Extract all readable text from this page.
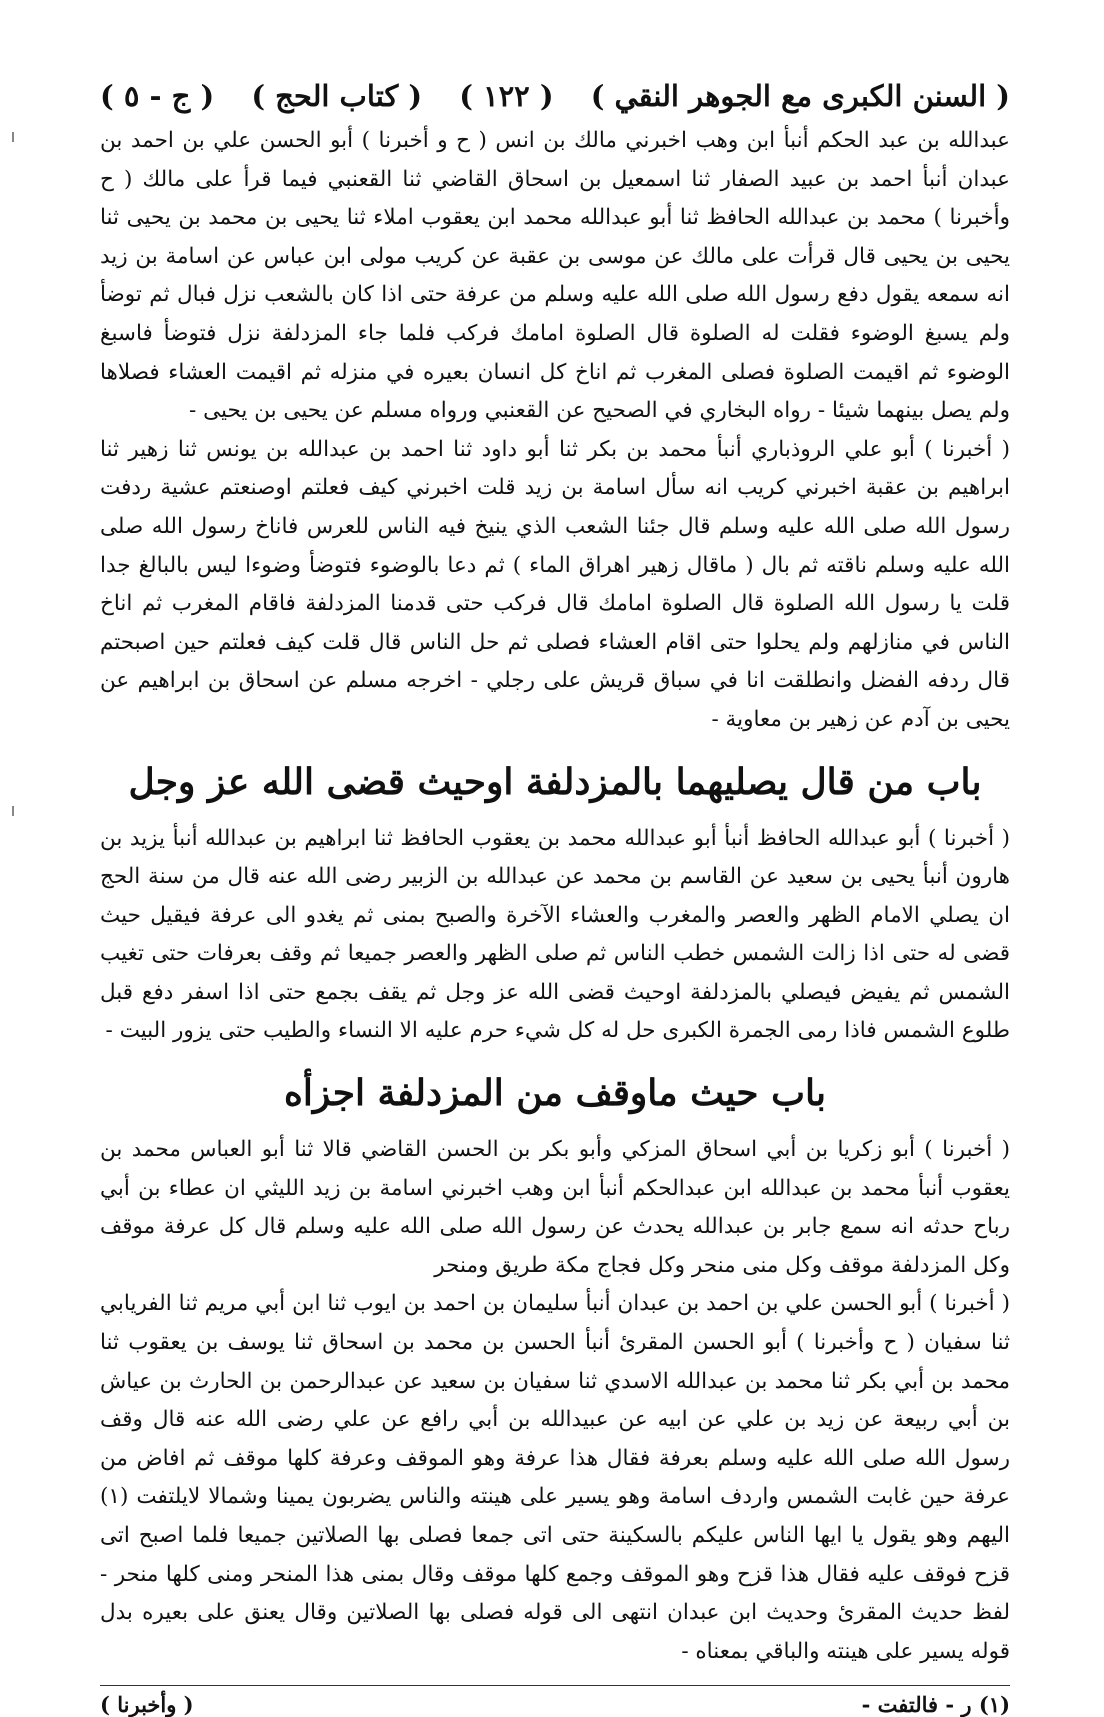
( السنن الكبرى مع الجوهر النقي )
( ١٢٢ )
( كتاب الحج )
( ج - ٥ )

عبدالله بن عبد الحكم أنبأ ابن وهب اخبرني مالك بن انس ( ح و أخبرنا ) أبو الحسن علي بن احمد بن عبدان أنبأ احمد بن عبيد الصفار ثنا اسمعيل بن اسحاق القاضي ثنا القعنبي فيما قرأ على مالك ( ح وأخبرنا ) محمد بن عبدالله الحافظ ثنا أبو عبدالله محمد ابن يعقوب املاء ثنا يحيى بن محمد بن يحيى ثنا يحيى بن يحيى قال قرأت على مالك عن موسى بن عقبة عن كريب مولى ابن عباس عن اسامة بن زيد انه سمعه يقول دفع رسول الله صلى الله عليه وسلم من عرفة حتى اذا كان بالشعب نزل فبال ثم توضأ ولم يسبغ الوضوء فقلت له الصلوة قال الصلوة امامك فركب فلما جاء المزدلفة نزل فتوضأ فاسبغ الوضوء ثم اقيمت الصلوة فصلى المغرب ثم اناخ كل انسان بعيره في منزله ثم اقيمت العشاء فصلاها ولم يصل بينهما شيئا - رواه البخاري في الصحيح عن القعنبي ورواه مسلم عن يحيى بن يحيى -

( أخبرنا ) أبو علي الروذباري أنبأ محمد بن بكر ثنا أبو داود ثنا احمد بن عبدالله بن يونس ثنا زهير ثنا ابراهيم بن عقبة اخبرني كريب انه سأل اسامة بن زيد قلت اخبرني كيف فعلتم اوصنعتم عشية ردفت رسول الله صلى الله عليه وسلم قال جئنا الشعب الذي ينيخ فيه الناس للعرس فاناخ رسول الله صلى الله عليه وسلم ناقته ثم بال ( ماقال زهير اهراق الماء ) ثم دعا بالوضوء فتوضأ وضوءا ليس بالبالغ جدا قلت يا رسول الله الصلوة قال الصلوة امامك قال فركب حتى قدمنا المزدلفة فاقام المغرب ثم اناخ الناس في منازلهم ولم يحلوا حتى اقام العشاء فصلى ثم حل الناس قال قلت كيف فعلتم حين اصبحتم قال ردفه الفضل وانطلقت انا في سباق قريش على رجلي - اخرجه مسلم عن اسحاق بن ابراهيم عن يحيى بن آدم عن زهير بن معاوية -

باب من قال يصليهما بالمزدلفة اوحيث قضى الله عز وجل

( أخبرنا ) أبو عبدالله الحافظ أنبأ أبو عبدالله محمد بن يعقوب الحافظ ثنا ابراهيم بن عبدالله أنبأ يزيد بن هارون أنبأ يحيى بن سعيد عن القاسم بن محمد عن عبدالله بن الزبير رضى الله عنه قال من سنة الحج ان يصلي الامام الظهر والعصر والمغرب والعشاء الآخرة والصبح بمنى ثم يغدو الى عرفة فيقيل حيث قضى له حتى اذا زالت الشمس خطب الناس ثم صلى الظهر والعصر جميعا ثم وقف بعرفات حتى تغيب الشمس ثم يفيض فيصلي بالمزدلفة اوحيث قضى الله عز وجل ثم يقف بجمع حتى اذا اسفر دفع قبل طلوع الشمس فاذا رمى الجمرة الكبرى حل له كل شيء حرم عليه الا النساء والطيب حتى يزور البيت -

باب حيث ماوقف من المزدلفة اجزأه

( أخبرنا ) أبو زكريا بن أبي اسحاق المزكي وأبو بكر بن الحسن القاضي قالا ثنا أبو العباس محمد بن يعقوب أنبأ محمد بن عبدالله ابن عبدالحكم أنبأ ابن وهب اخبرني اسامة بن زيد الليثي ان عطاء بن أبي رباح حدثه انه سمع جابر بن عبدالله يحدث عن رسول الله صلى الله عليه وسلم قال كل عرفة موقف وكل المزدلفة موقف وكل منى منحر وكل فجاج مكة طريق ومنحر

( أخبرنا ) أبو الحسن علي بن احمد بن عبدان أنبأ سليمان بن احمد بن ايوب ثنا ابن أبي مريم ثنا الفريابي ثنا سفيان ( ح وأخبرنا ) أبو الحسن المقرئ أنبأ الحسن بن محمد بن اسحاق ثنا يوسف بن يعقوب ثنا محمد بن أبي بكر ثنا محمد بن عبدالله الاسدي ثنا سفيان بن سعيد عن عبدالرحمن بن الحارث بن عياش بن أبي ربيعة عن زيد بن علي عن ابيه عن عبيدالله بن أبي رافع عن علي رضى الله عنه قال وقف رسول الله صلى الله عليه وسلم بعرفة فقال هذا عرفة وهو الموقف وعرفة كلها موقف ثم افاض من عرفة حين غابت الشمس واردف اسامة وهو يسير على هينته والناس يضربون يمينا وشمالا لايلتفت (١) اليهم وهو يقول يا ايها الناس عليكم بالسكينة حتى اتى جمعا فصلى بها الصلاتين جميعا فلما اصبح اتى قزح فوقف عليه فقال هذا قزح وهو الموقف وجمع كلها موقف وقال بمنى هذا المنحر ومنى كلها منحر - لفظ حديث المقرئ وحديث ابن عبدان انتهى الى قوله فصلى بها الصلاتين وقال يعنق على بعيره بدل قوله يسير على هينته والباقي بمعناه -

(١) ر - فالتفت -
( وأخبرنا )
